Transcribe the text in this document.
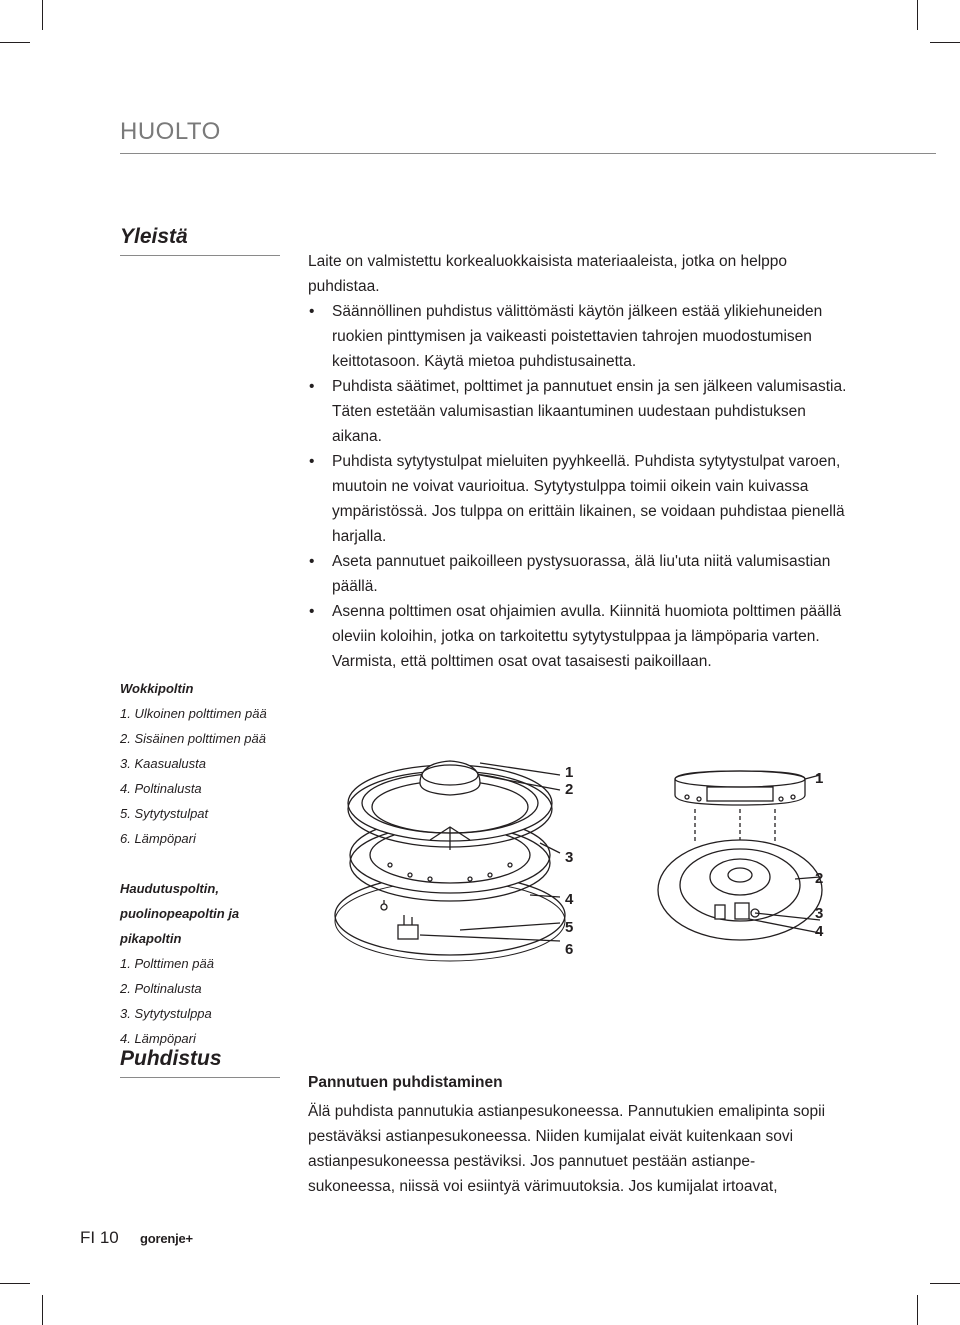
HUOLTO
Yleistä

Laite on valmistettu korkealuokkaisista materiaaleista, jotka on helppo puhdistaa.

• Säännöllinen puhdistus välittömästi käytön jälkeen estää ylikiehuneiden ruokien pinttymisen ja vaikeasti poistettavien tahrojen muodostumisen keittotasoon. Käytä mietoa puhdistusainetta.
• Puhdista säätimet, polttimet ja pannutuet ensin ja sen jälkeen valumisastia. Täten estetään valumisastian likaantuminen uudestaan puhdistuksen aikana.
• Puhdista sytytystulpat mieluiten pyyhkeellä. Puhdista sytytystulpat varoen, muutoin ne voivat vaurioitua. Sytytystulppa toimii oikein vain kuivassa ympäristössä. Jos tulppa on erittäin likainen, se voidaan puhdistaa pienellä harjalla.
• Aseta pannutuet paikoilleen pystysuorassa, älä liu'uta niitä valumisastian päällä.
• Asenna polttimen osat ohjaimien avulla. Kiinnitä huomiota polttimen päällä oleviin koloihin, jotka on tarkoitettu sytytystulppaa ja lämpöparia varten. Varmista, että polttimen osat ovat tasaisesti paikoillaan.
Wokkipoltin
1. Ulkoinen polttimen pää
2. Sisäinen polttimen pää
3. Kaasualusta
4. Poltinalusta
5. Sytytystulpat
6. Lämpöpari
Haudutuspoltin,
puolinopeapoltin ja
pikapoltin
1. Polttimen pää
2. Poltinalusta
3. Sytytystulppa
4. Lämpöpari
1
2
3
4
5
6
1
2
3
4
Puhdistus
Pannutuen puhdistaminen
Älä puhdista pannutukia astianpesukoneessa. Pannutukien emalipinta sopii pestäväksi astianpesukoneessa. Niiden kumijalat eivät kuitenkaan sovi astianpesukoneessa pestäviksi. Jos pannutuet pestään astianpe-sukoneessa, niissä voi esiintyä värimuutoksia. Jos kumijalat irtoavat,
FI 10 gorenje+
